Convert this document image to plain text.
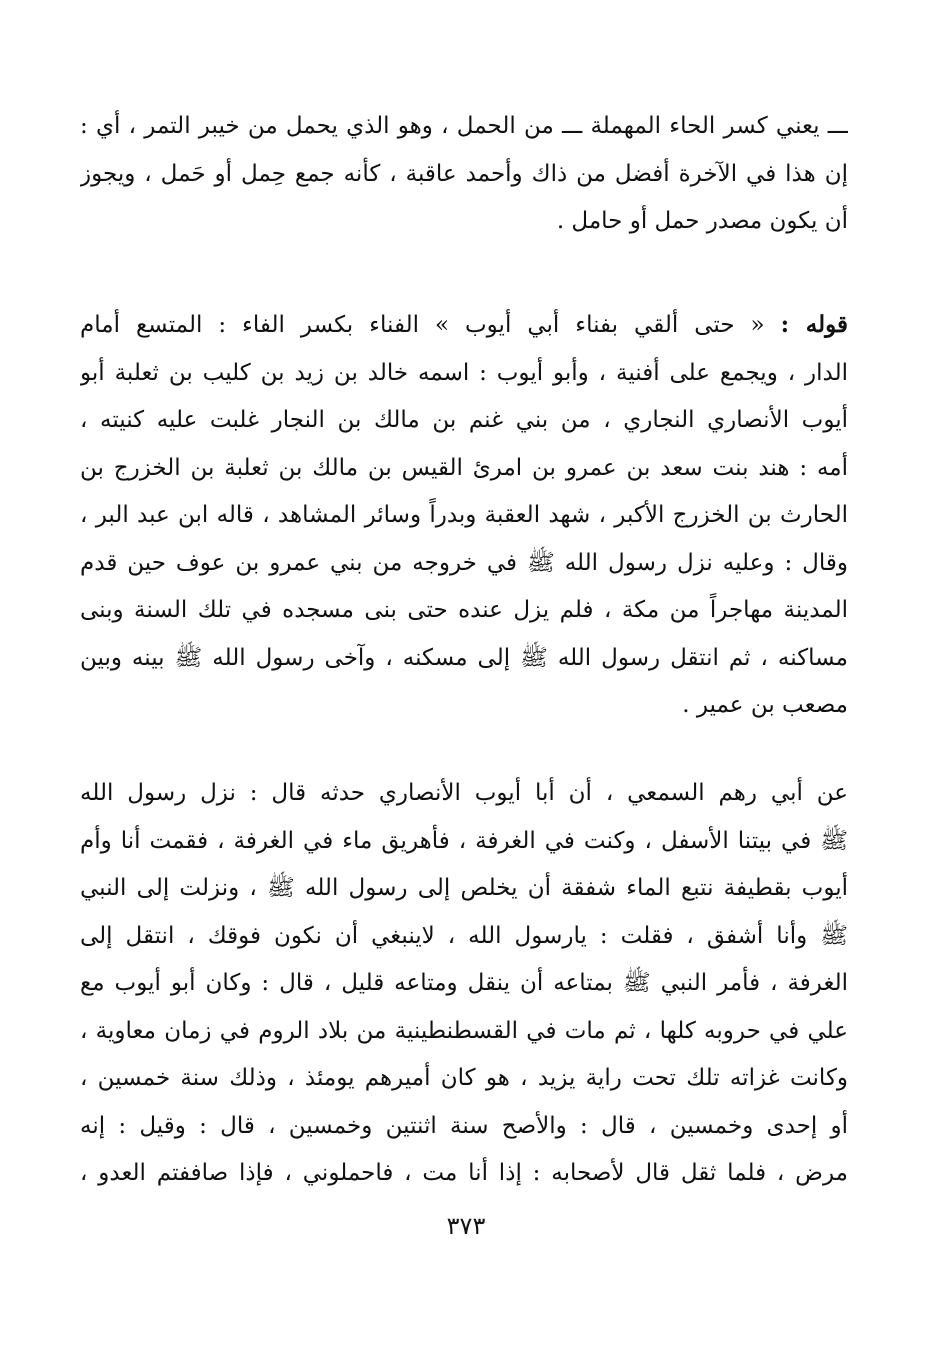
ـــ يعني كسر الحاء المهملة ـــ من الحمل ، وهو الذي يحمل من خيبر التمر ، أي :
إن هذا في الآخرة أفضل من ذاك وأحمد عاقبة ، كأنه جمع حِمل أو حَمل ، ويجوز
أن يكون مصدر حمل أو حامل .

قوله : « حتى ألقي بفناء أبي أيوب » الفناء بكسر الفاء : المتسع أمام
الدار ، ويجمع على أفنية ، وأبو أيوب : اسمه خالد بن زيد بن كليب بن ثعلبة أبو
أيوب الأنصاري النجاري ، من بني غنم بن مالك بن النجار غلبت عليه كنيته ،
أمه : هند بنت سعد بن عمرو بن امرئ القيس بن مالك بن ثعلبة بن الخزرج بن
الحارث بن الخزرج الأكبر ، شهد العقبة وبدراً وسائر المشاهد ، قاله ابن عبد البر ،
وقال : وعليه نزل رسول الله ﷺ في خروجه من بني عمرو بن عوف حين قدم
المدينة مهاجراً من مكة ، فلم يزل عنده حتى بنى مسجده في تلك السنة وبنى
مساكنه ، ثم انتقل رسول الله ﷺ إلى مسكنه ، وآخى رسول الله ﷺ بينه وبين
مصعب بن عمير .

عن أبي رهم السمعي ، أن أبا أيوب الأنصاري حدثه قال : نزل رسول الله
ﷺ في بيتنا الأسفل ، وكنت في الغرفة ، فأهريق ماء في الغرفة ، فقمت أنا وأم
أيوب بقطيفة نتبع الماء شفقة أن يخلص إلى رسول الله ﷺ ، ونزلت إلى النبي
ﷺ وأنا أشفق ، فقلت : يارسول الله ، لاينبغي أن نكون فوقك ، انتقل إلى
الغرفة ، فأمر النبي ﷺ بمتاعه أن ينقل ومتاعه قليل ، قال : وكان أبو أيوب مع
علي في حروبه كلها ، ثم مات في القسطنطينية من بلاد الروم في زمان معاوية ،
وكانت غزاته تلك تحت راية يزيد ، هو كان أميرهم يومئذ ، وذلك سنة خمسين ،
أو إحدى وخمسين ، قال : والأصح سنة اثنتين وخمسين ، قال : وقيل : إنه
مرض ، فلما ثقل قال لأصحابه : إذا أنا مت ، فاحملوني ، فإذا صاففتم العدو ،

٣٧٣
